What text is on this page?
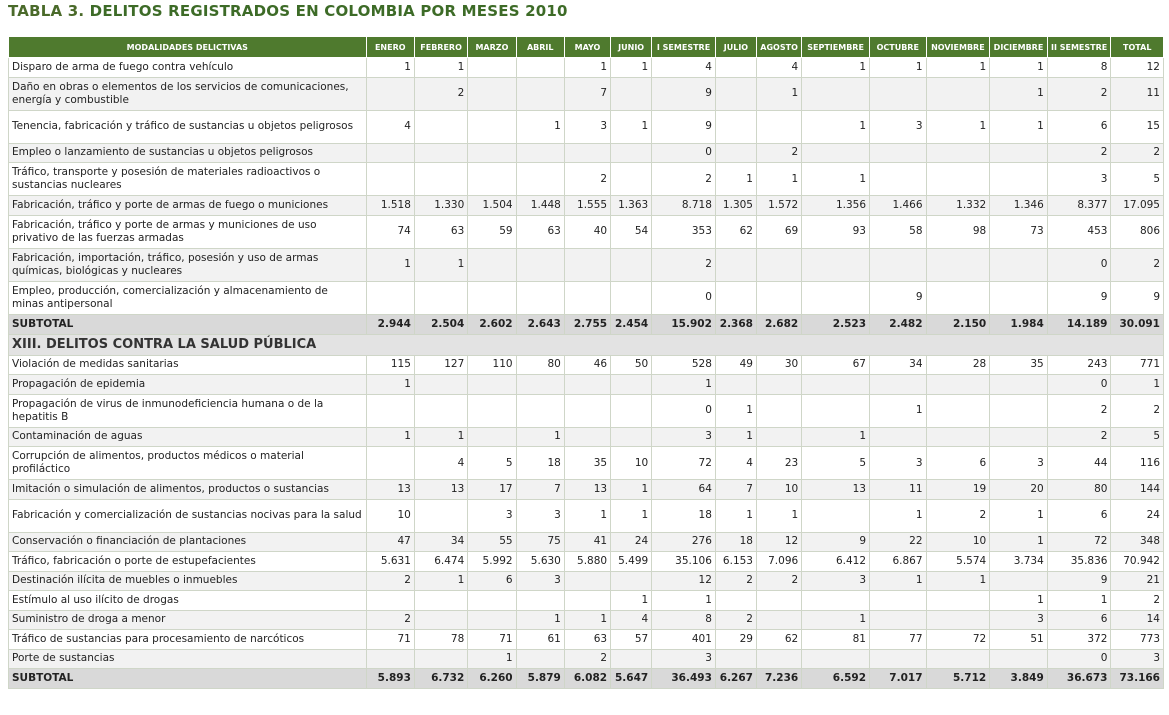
TABLA 3. DELITOS REGISTRADOS EN COLOMBIA POR MESES 2010
MODALIDADES DELICTIVAS	ENERO	FEBRERO	MARZO	ABRIL	MAYO	JUNIO	I SEMESTRE	JULIO	AGOSTO	SEPTIEMBRE	OCTUBRE	NOVIEMBRE	DICIEMBRE	II SEMESTRE	TOTAL
Disparo de arma de fuego contra vehículo	1	1			1	1	4		4	1	1	1	1	8	12
Daño en obras o elementos de los servicios de comunicaciones, energía y combustible		2			7		9		1				1	2	11
Tenencia, fabricación y tráfico de sustancias u objetos peligrosos	4			1	3	1	9			1	3	1	1	6	15
Empleo o lanzamiento de sustancias u objetos peligrosos							0		2					2	2
Tráfico, transporte y posesión de materiales radioactivos o sustancias nucleares					2		2	1	1	1				3	5
Fabricación, tráfico y porte de armas de fuego o municiones	1.518	1.330	1.504	1.448	1.555	1.363	8.718	1.305	1.572	1.356	1.466	1.332	1.346	8.377	17.095
Fabricación, tráfico y porte de armas y municiones de uso privativo de las fuerzas armadas	74	63	59	63	40	54	353	62	69	93	58	98	73	453	806
Fabricación, importación, tráfico, posesión y uso de armas químicas, biológicas y nucleares	1	1					2							0	2
Empleo, producción, comercialización y almacenamiento de minas antipersonal							0				9			9	9
SUBTOTAL	2.944	2.504	2.602	2.643	2.755	2.454	15.902	2.368	2.682	2.523	2.482	2.150	1.984	14.189	30.091
XIII. DELITOS CONTRA LA SALUD PÚBLICA															
Violación de medidas sanitarias	115	127	110	80	46	50	528	49	30	67	34	28	35	243	771
Propagación de epidemia	1						1							0	1
Propagación de virus de inmunodeficiencia humana o de la hepatitis B							0	1			1			2	2
Contaminación de aguas	1	1		1			3	1		1				2	5
Corrupción de alimentos, productos médicos o material profiláctico		4	5	18	35	10	72	4	23	5	3	6	3	44	116
Imitación o simulación de alimentos, productos o sustancias	13	13	17	7	13	1	64	7	10	13	11	19	20	80	144
Fabricación y comercialización de sustancias nocivas para la salud	10		3	3	1	1	18	1	1		1	2	1	6	24
Conservación o financiación de plantaciones	47	34	55	75	41	24	276	18	12	9	22	10	1	72	348
Tráfico, fabricación o porte de estupefacientes	5.631	6.474	5.992	5.630	5.880	5.499	35.106	6.153	7.096	6.412	6.867	5.574	3.734	35.836	70.942
Destinación ilícita de muebles o inmuebles	2	1	6	3			12	2	2	3	1	1		9	21
Estímulo al uso ilícito de drogas						1	1						1	1	2
Suministro de droga a menor	2			1	1	4	8	2		1			3	6	14
Tráfico de sustancias para procesamiento de narcóticos	71	78	71	61	63	57	401	29	62	81	77	72	51	372	773
Porte de sustancias			1		2		3							0	3
SUBTOTAL	5.893	6.732	6.260	5.879	6.082	5.647	36.493	6.267	7.236	6.592	7.017	5.712	3.849	36.673	73.166
